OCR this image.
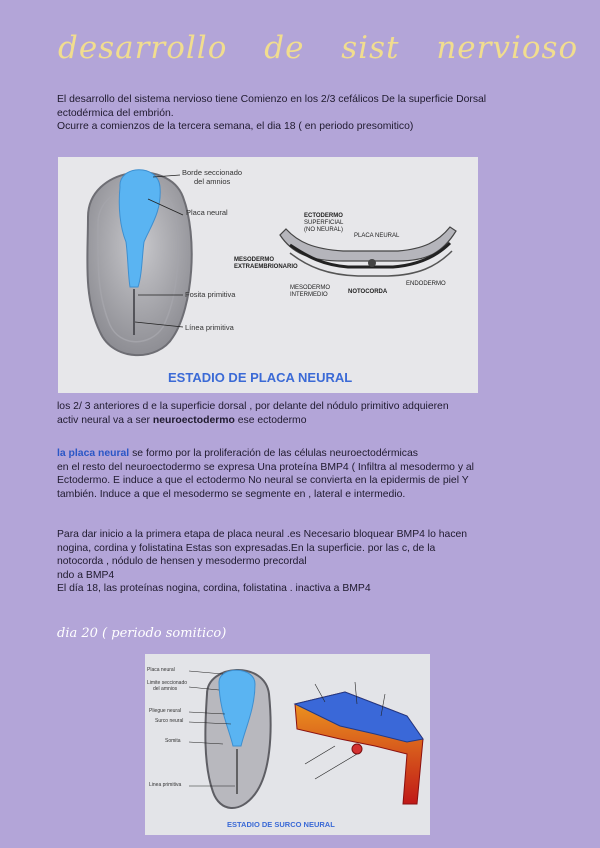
desarrollo de sist nervioso
El desarrollo del sistema nervioso tiene Comienzo en los 2/3 cefálicos De la superficie Dorsal
ectodérmica del embrión.
Ocurre a comienzos de la tercera semana, el dia 18 ( en periodo presomitico)
Borde seccionado
del amnios
Placa neural
Fosita primitiva
Línea primitiva
ECTODERMO
SUPERFICIAL
(NO NEURAL)
PLACA NEURAL
MESODERMO
EXTRAEMBRIONARIO
MESODERMO
INTERMEDIO	NOTOCORDA
ENDODERMO
ESTADIO DE PLACA NEURAL
los 2/ 3 anteriores d e la superficie dorsal , por delante del nódulo primitivo adquieren
activ neural va a ser neuroectodermo ese ectodermo
la placa neural se formo por la proliferación de las células neuroectodérmicas
en el resto del neuroectodermo se expresa Una proteína BMP4 ( Infiltra al mesodermo y al
Ectodermo. E induce a que el ectodermo No neural se convierta en la epidermis de piel Y
también. Induce a que el mesodermo se segmente en , lateral e intermedio.
Para dar inicio a la primera etapa de placa neural .es Necesario bloquear BMP4 lo hacen
nogina, cordina y folistatina Estas son expresadas.En la superficie. por las c, de la
notocorda , nódulo de hensen y mesodermo precordal
ndo a BMP4
El día 18, las proteínas nogina, cordina, folistatina . inactiva a BMP4
dia 20 ( periodo somitico)
Placa neural
Limite seccionado
del amnios
Pliegue neural
Surco neural
Somita
Linea primitiva
ESTADIO DE SURCO NEURAL
